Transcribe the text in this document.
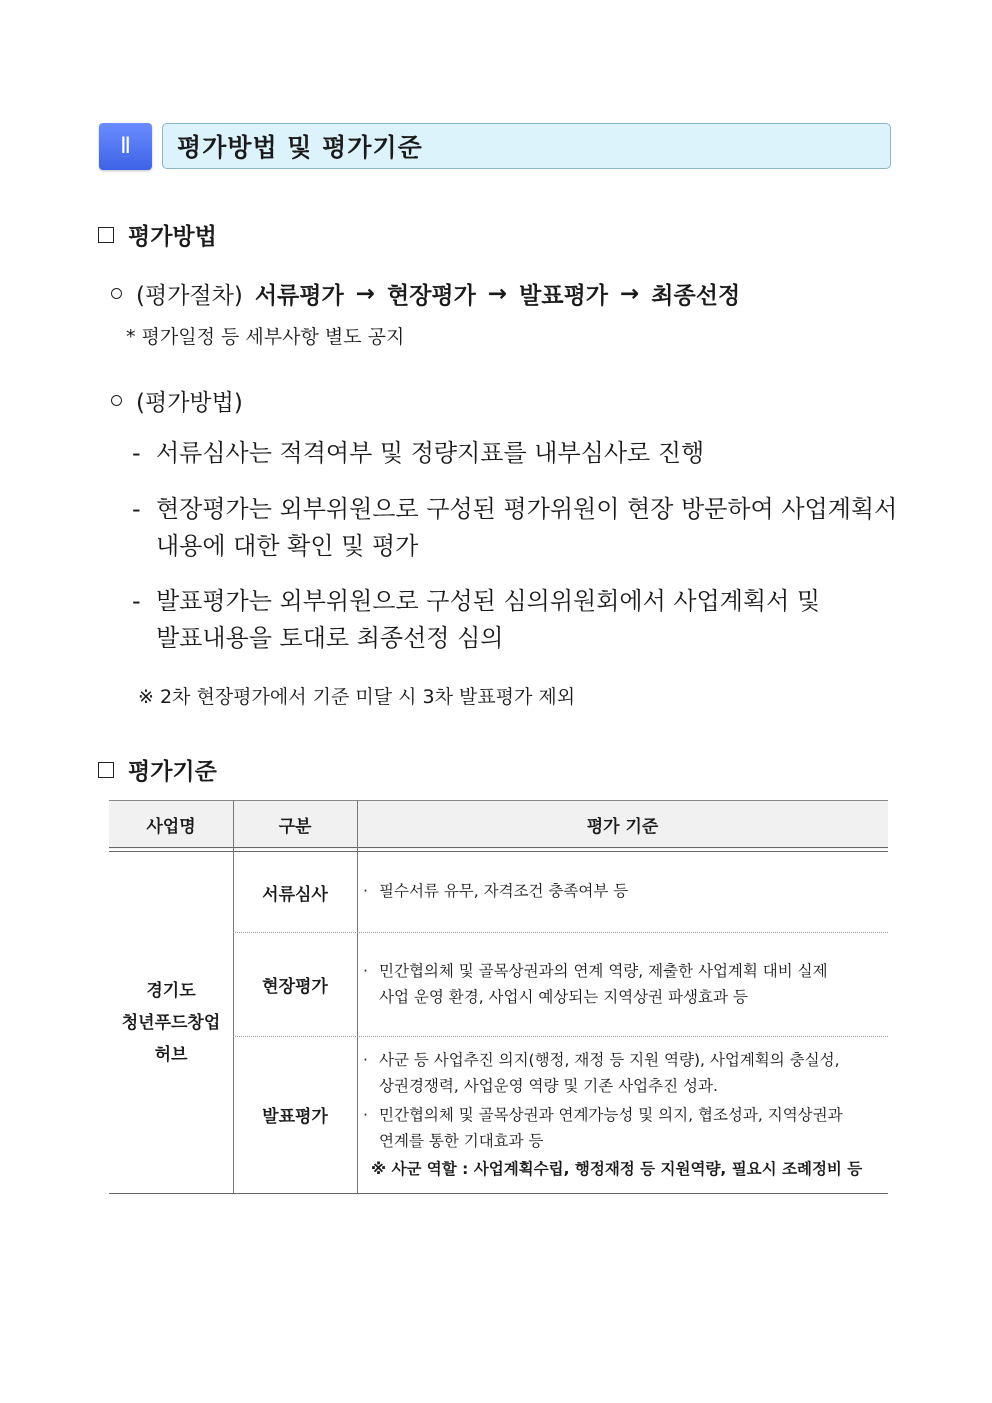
Ⅱ 평가방법 및 평가기준
평가방법
(평가절차) 서류평가 → 현장평가 → 발표평가 → 최종선정
* 평가일정 등 세부사항 별도 공지
(평가방법)
- 서류심사는 적격여부 및 정량지표를 내부심사로 진행
- 현장평가는 외부위원으로 구성된 평가위원이 현장 방문하여 사업계획서
내용에 대한 확인 및 평가
- 발표평가는 외부위원으로 구성된 심의위원회에서 사업계획서 및
발표내용을 토대로 최종선정 심의
※ 2차 현장평가에서 기준 미달 시 3차 발표평가 제외
평가기준
사업명	구분	평가 기준
경기도
청년푸드창업
허브
서류심사
현장평가
발표평가
· 필수서류 유무, 자격조건 충족여부 등
· 민간협의체 및 골목상권과의 연계 역량, 제출한 사업계획 대비 실제
사업 운영 환경, 사업시 예상되는 지역상권 파생효과 등
· 사군 등 사업추진 의지(행정, 재정 등 지원 역량), 사업계획의 충실성,
상권경쟁력, 사업운영 역량 및 기존 사업추진 성과.
· 민간협의체 및 골목상권과 연계가능성 및 의지, 협조성과, 지역상권과
연계를 통한 기대효과 등
※ 사군 역할 : 사업계획수립, 행정재정 등 지원역량, 필요시 조례정비 등
